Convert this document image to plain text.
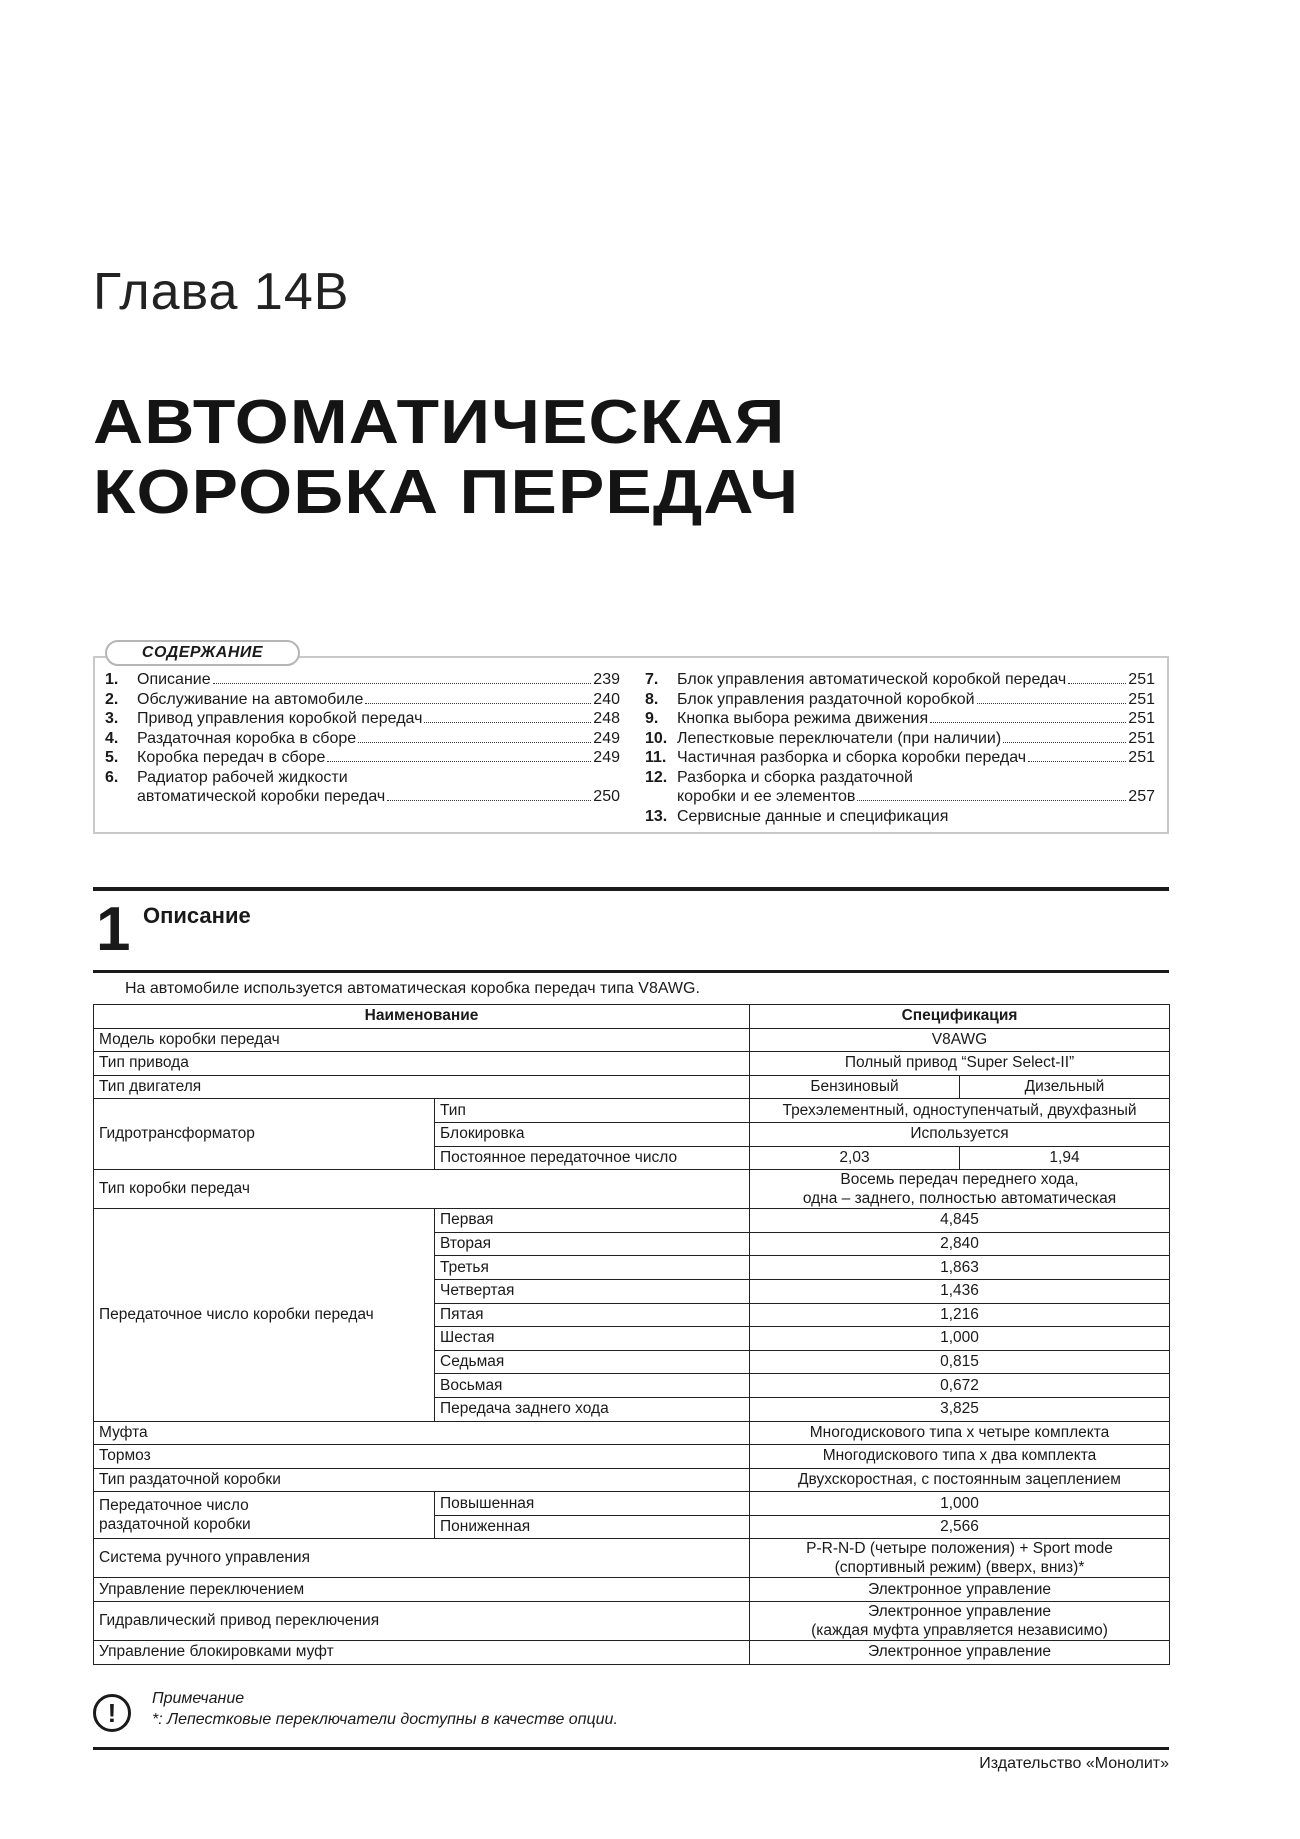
Глава 14В
АВТОМАТИЧЕСКАЯ
КОРОБКА ПЕРЕДАЧ
СОДЕРЖАНИЕ
1.	Описание	239
2.	Обслуживание на автомобиле	240
3.	Привод управления коробкой передач	248
4.	Раздаточная коробка в сборе	249
5.	Коробка передач в сборе	249
6.	Радиатор рабочей жидкости
автоматической коробки передач	250
7.	Блок управления автоматической коробкой передач	251
8.	Блок управления раздаточной коробкой	251
9.	Кнопка выбора режима движения	251
10. Лепестковые переключатели (при наличии)	251
11. Частичная разборка и сборка коробки передач	251
12. Разборка и сборка раздаточной
коробки и ее элементов	257
13. Сервисные данные и спецификация
1 Описание
На автомобиле используется автоматическая коробка передач типа V8AWG.
Наименование		Спецификация	
Модель коробки передач		V8AWG	
Тип привода		Полный привод “Super Select-II”	
Тип двигателя		Бензиновый	Дизельный
Гидротрансформатор	Тип	Трехэлементный, одноступенчатый, двухфазный	
	Блокировка	Используется	
	Постоянное передаточное число	2,03	1,94
Тип коробки передач		Восемь передач переднего хода,
одна – заднего, полностью автоматическая	

Передаточное число коробки передач	Первая	4,845	
	Вторая	2,840	
	Третья	1,863	
	Четвертая	1,436	
	Пятая	1,216	
	Шестая	1,000	
	Седьмая	0,815	
	Восьмая	0,672	
	Передача заднего хода	3,825	
Муфта		Многодискового типа х четыре комплекта	
Тормоз		Многодискового типа х два комплекта	
Тип раздаточной коробки		Двухскоростная, с постоянным зацеплением	

Передаточное число
раздаточной коробки	Повышенная	1,000	
	Пониженная	2,566	
Система ручного управления		P-R-N-D (четыре положения) + Sport mode
(спортивный режим) (вверх, вниз)*	

Управление переключением		Электронное управление	
Гидравлический привод переключения		Электронное управление
(каждая муфта управляется независимо)	

Управление блокировками муфт		Электронное управление	
!	Примечание
*: Лепестковые переключатели доступны в качестве опции.
Издательство «Монолит»
